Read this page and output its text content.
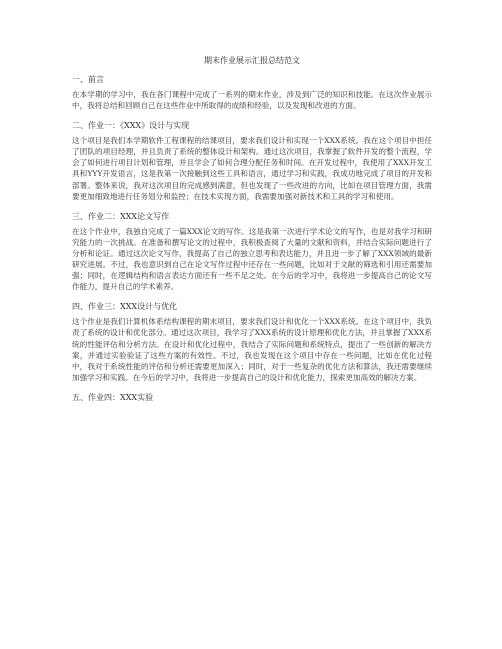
期末作业展示汇报总结范文
一、前言
在本学期的学习中，我在各门课程中完成了一系列的期末作业，涉及到广泛的知识和技能。在这次作业展示中，我将总结和回顾自己在这些作业中所取得的成绩和经验，以及发现和改进的方面。
二、作业一：《XXX》设计与实现
这个项目是我们本学期软件工程课程的结课项目，要求我们设计和实现一个XXX系统。我在这个项目中担任了团队的项目经理，并且负责了系统的整体设计和架构。通过这次项目，我掌握了软件开发的整个流程，学会了如何进行项目计划和管理，并且学会了如何合理分配任务和时间。在开发过程中，我使用了XXX开发工具和YYY开发语言，这是我第一次接触到这些工具和语言，通过学习和实践，我成功地完成了项目的开发和部署。整体来说，我对这次项目的完成感到满意，但也发现了一些改进的方向，比如在项目管理方面，我需要更加细致地进行任务划分和监控；在技术实现方面，我需要加强对新技术和工具的学习和使用。
三、作业二：XXX论文写作
在这个作业中，我独自完成了一篇XXX论文的写作。这是我第一次进行学术论文的写作，也是对我学习和研究能力的一次挑战。在准备和撰写论文的过程中，我积极查阅了大量的文献和资料，并结合实际问题进行了分析和论证。通过这次论文写作，我提高了自己的独立思考和表达能力，并且进一步了解了XXX领域的最新研究进展。不过，我也意识到自己在论文写作过程中还存在一些问题，比如对于文献的筛选和引用还需要加强；同时，在逻辑结构和语言表达方面还有一些不足之处。在今后的学习中，我将进一步提高自己的论文写作能力，提升自己的学术素养。
四、作业三：XXX设计与优化
这个作业是我们计算机体系结构课程的期末项目，要求我们设计和优化一个XXX系统。在这个项目中，我负责了系统的设计和优化部分。通过这次项目，我学习了XXX系统的设计原理和优化方法，并且掌握了XXX系统的性能评估和分析方法。在设计和优化过程中，我结合了实际问题和系统特点，提出了一些创新的解决方案，并通过实验验证了这些方案的有效性。不过，我也发现在这个项目中存在一些问题，比如在优化过程中，我对于系统性能的评估和分析还需要更加深入；同时，对于一些复杂的优化方法和算法，我还需要继续加强学习和实践。在今后的学习中，我将进一步提高自己的设计和优化能力，探索更加高效的解决方案。
五、作业四：XXX实验
